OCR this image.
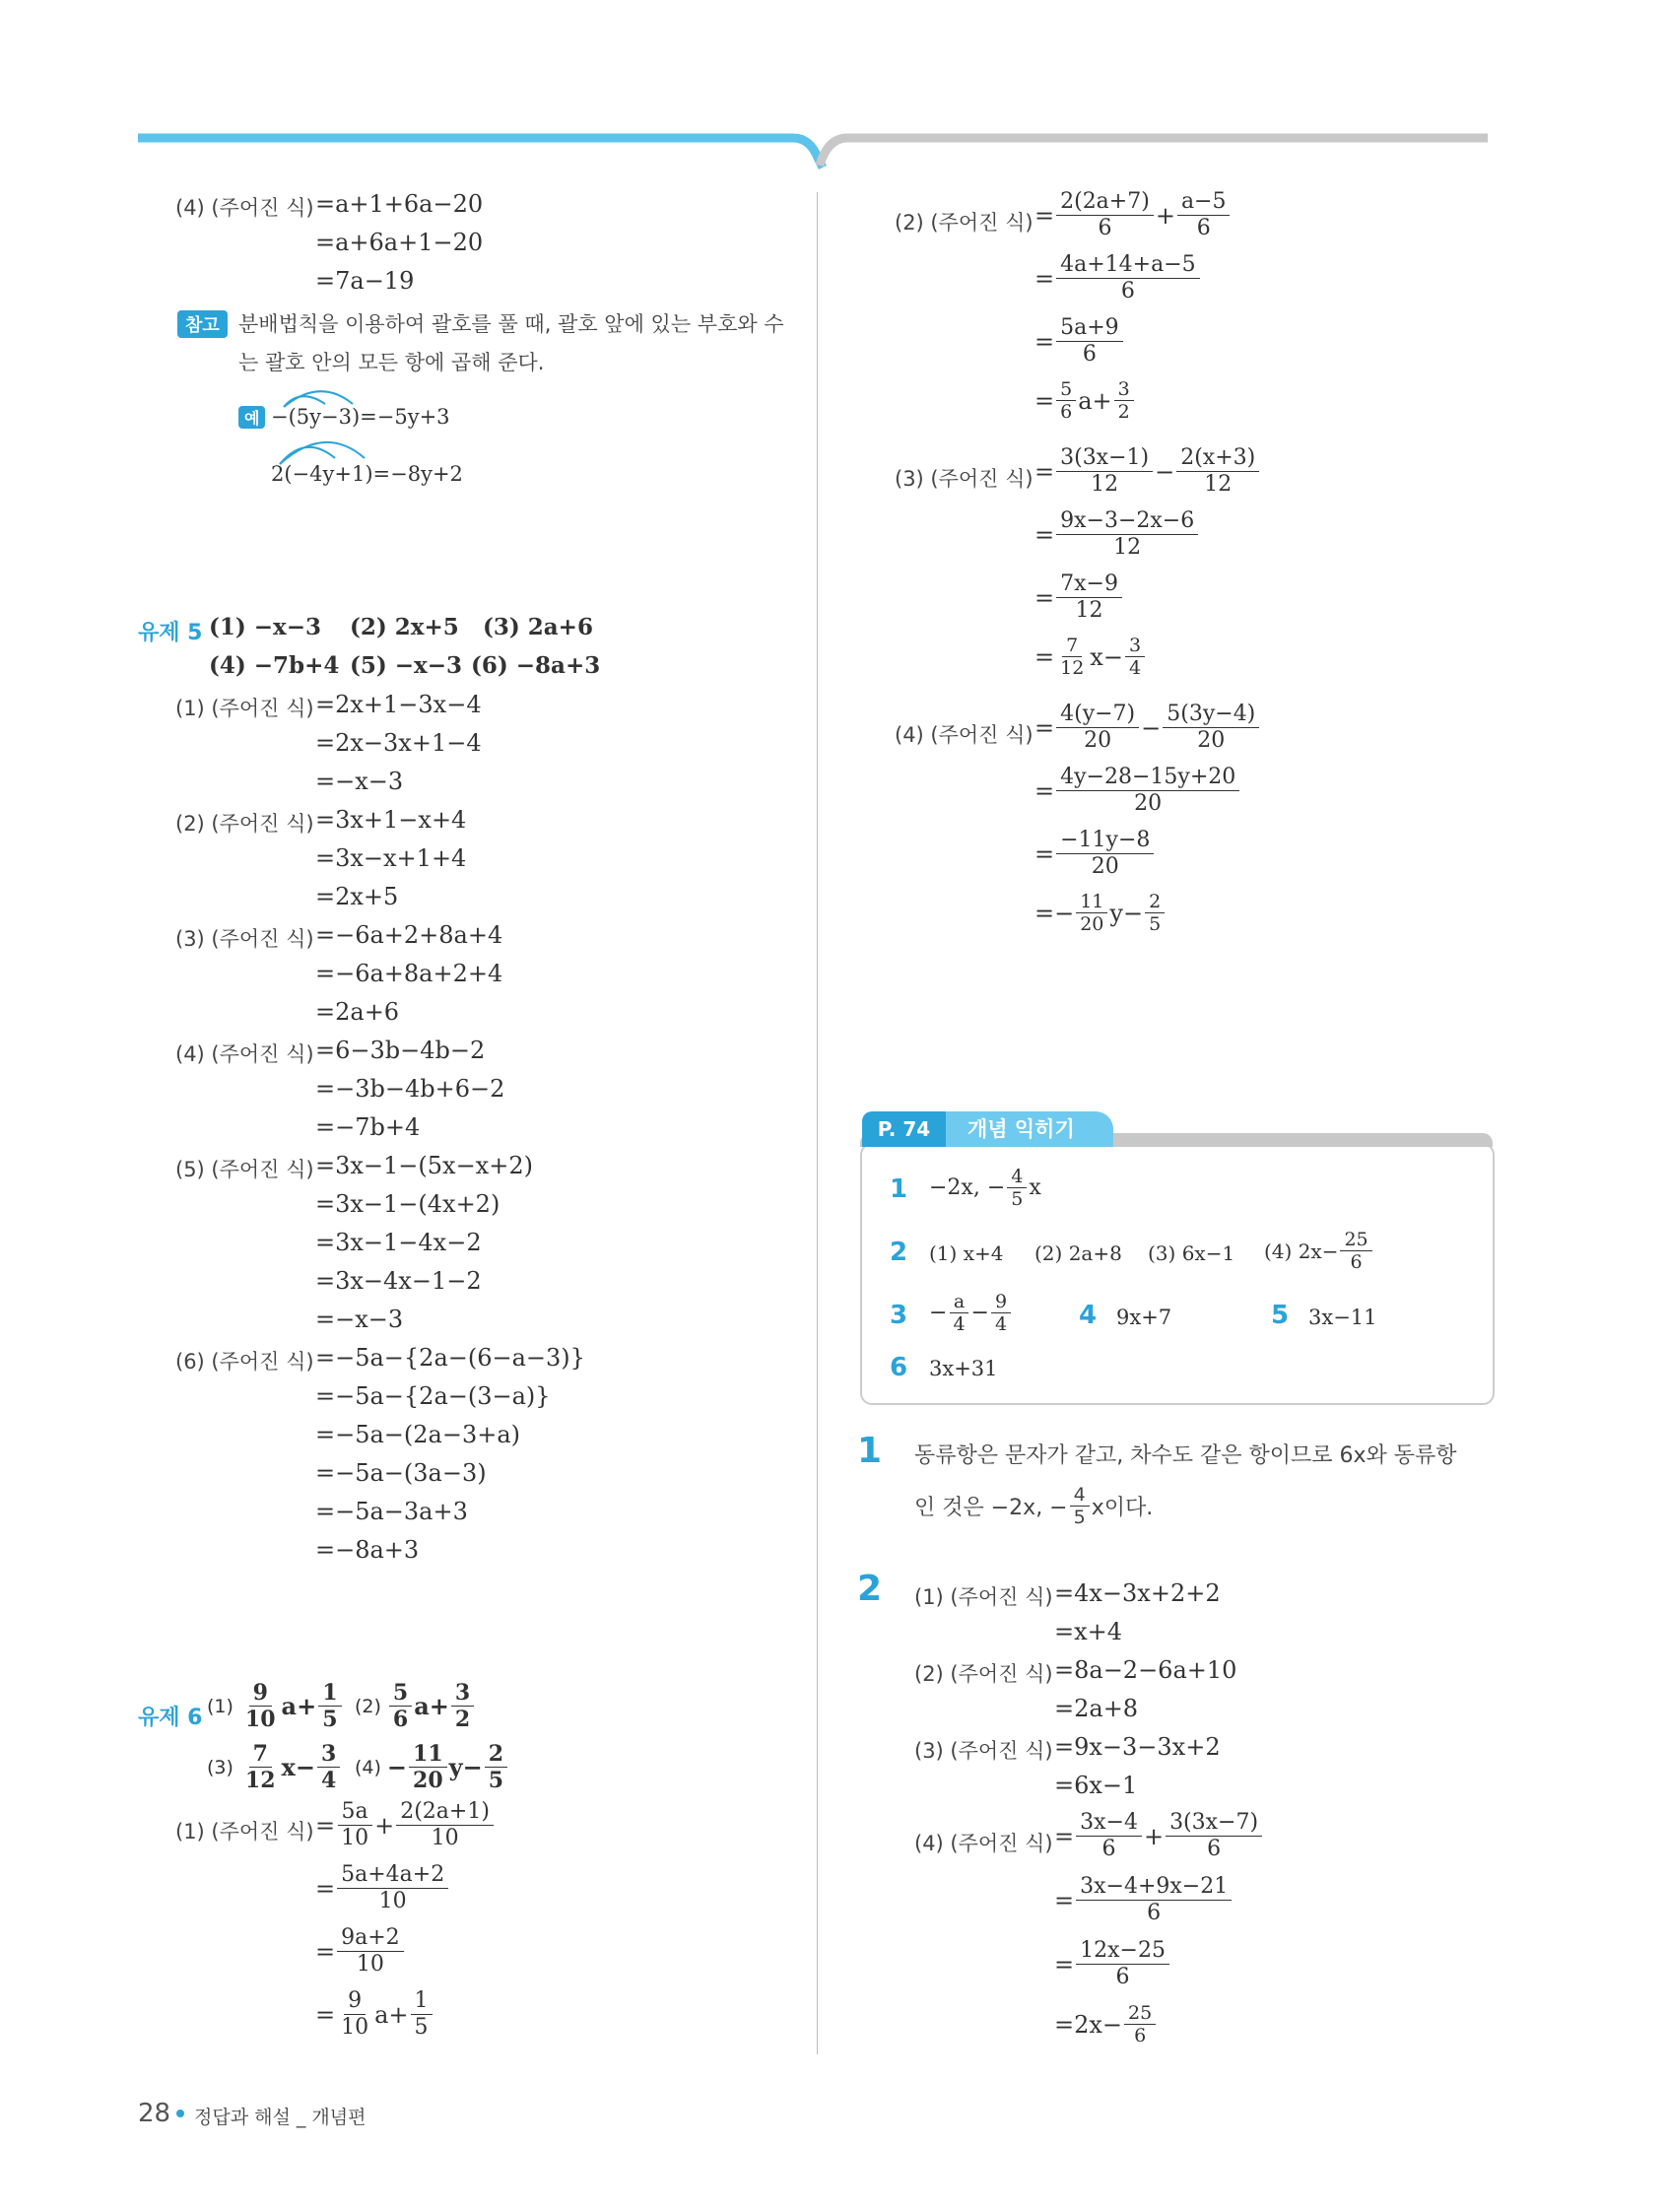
(4) (주어진 식) =a+1+6a−20
=a+6a+1−20
=7a−19
참고 분배법칙을 이용하여 괄호를 풀 때, 괄호 앞에 있는 부호와 수
는 괄호 안의 모든 항에 곱해 준다.
예 −(5y−3)=−5y+3
2(−4y+1)=−8y+2
유제 5 (1) −x−3 (2) 2x+5 (3) 2a+6
(4) −7b+4 (5) −x−3 (6) −8a+3
(1) (주어진 식) =2x+1−3x−4
=2x−3x+1−4
=−x−3
(2) (주어진 식) =3x+1−x+4
=3x−x+1+4
=2x+5
(3) (주어진 식) =−6a+2+8a+4
=−6a+8a+2+4
=2a+6
(4) (주어진 식) =6−3b−4b−2
=−3b−4b+6−2
=−7b+4
(5) (주어진 식) =3x−1−(5x−x+2)
=3x−1−(4x+2)
=3x−1−4x−2
=3x−4x−1−2
=−x−3
(6) (주어진 식) =−5a−{2a−(6−a−3)}
=−5a−{2a−(3−a)}
=−5a−(2a−3+a)
=−5a−(3a−3)
=−5a−3a+3
=−8a+3
유제 6 $(1) \frac{9}{10} a+ \frac{1}{5} (2) \frac{5}{6} a+ \frac{3}{2}$
$(3) \frac{7}{12} x- \frac{3}{4} (4) - \frac{11}{20} y- \frac{2}{5}$
(1) (주어진 식) = $\frac{5a}{10} + \frac{2(2a+1)}{10}$
= $\frac{5a+4a+2}{10}$
= $\frac{9a+2}{10}$
= $\frac{9}{10} a+ \frac{1}{5}$
(2) (주어진 식) = $\frac{2(2a+7)}{6} + \frac{a-5}{6}$
= $\frac{4a+14+a-5}{6}$
= $\frac{5a+9}{6}$
= $\frac{5}{6} a+ \frac{3}{2}$
(3) (주어진 식) = $\frac{3(3x-1)}{12} - \frac{2(x+3)}{12}$
= $\frac{9x-3-2x-6}{12}$
= $\frac{7x-9}{12}$
= $\frac{7}{12} x- \frac{3}{4}$
(4) (주어진 식) = $\frac{4(y-7)}{20} - \frac{5(3y-4)}{20}$
= $\frac{4y-28-15y+20}{20}$
= $\frac{-11y-8}{20}$
= − $\frac{11}{20} y- \frac{2}{5}$
P. 74	개념 익히기
1 −2x, − $\frac{4}{5}$ x
2 (1) x+4 (2) 2a+8 (3) 6x−1 (4) $2x- \frac{25}{6}$
$3 - \frac{a}{4} - \frac{9}{4}$	4 9x+7	5 3x−11
6 3x+31
1 동류항은 문자가 같고, 차수도 같은 항이므로 6x와 동류항
인 것은 −2x, − $\frac{4}{5}$ x이다.
2 (1) (주어진 식) =4x−3x+2+2
=x+4
(2) (주어진 식) =8a−2−6a+10
=2a+8
(3) (주어진 식) =9x−3−3x+2
=6x−1
(4) (주어진 식) = $\frac{3x-4}{6} + \frac{3(3x-7)}{6}$
= $\frac{3x-4+9x-21}{6}$
= $\frac{12x-25}{6}$
= $2x- \frac{25}{6}$
28 정답과 해설 _ 개념편
